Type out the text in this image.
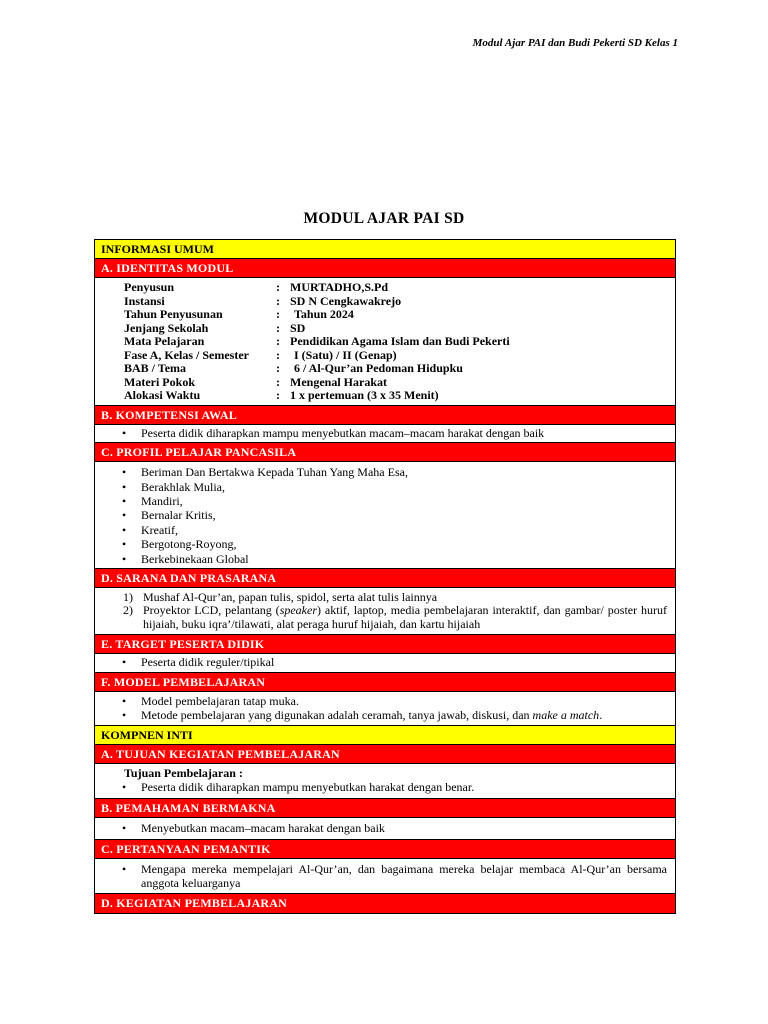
Modul Ajar PAI dan Budi Pekerti SD Kelas 1
MODUL AJAR PAI SD
INFORMASI UMUM
A. IDENTITAS MODUL
Penyusun	: MURTADHO,S.Pd
Instansi	: SD N Cengkawakrejo
Tahun Penyusunan	:	Tahun 2024
Jenjang Sekolah	: SD
Mata Pelajaran	: Pendidikan Agama Islam dan Budi Pekerti
Fase A, Kelas / Semester	:	I (Satu) / II (Genap)
BAB / Tema	:	6 / Al-Qur’an Pedoman Hidupku
Materi Pokok	: Mengenal Harakat
Alokasi Waktu	: 1 x pertemuan (3 x 35 Menit)
B. KOMPETENSI AWAL
• Peserta didik diharapkan mampu menyebutkan macam–macam harakat dengan baik
C. PROFIL PELAJAR PANCASILA
• Beriman Dan Bertakwa Kepada Tuhan Yang Maha Esa,
• Berakhlak Mulia,
• Mandiri,
• Bernalar Kritis,
• Kreatif,
• Bergotong-Royong,
• Berkebinekaan Global
D. SARANA DAN PRASARANA
1) Mushaf Al-Qur’an, papan tulis, spidol, serta alat tulis lainnya
2) Proyektor LCD, pelantang (speaker) aktif, laptop, media pembelajaran interaktif, dan gambar/ poster huruf hijaiah, buku iqra’/tilawati, alat peraga huruf hijaiah, dan kartu hijaiah
E. TARGET PESERTA DIDIK
• Peserta didik reguler/tipikal
F. MODEL PEMBELAJARAN
• Model pembelajaran tatap muka.
• Metode pembelajaran yang digunakan adalah ceramah, tanya jawab, diskusi, dan make a match.
KOMPNEN INTI
A. TUJUAN KEGIATAN PEMBELAJARAN
Tujuan Pembelajaran :
• Peserta didik diharapkan mampu menyebutkan harakat dengan benar.
B. PEMAHAMAN BERMAKNA
• Menyebutkan macam–macam harakat dengan baik
C. PERTANYAAN PEMANTIK
• Mengapa mereka mempelajari Al-Qur’an, dan bagaimana mereka belajar membaca Al-Qur’an bersama anggota keluarganya
D. KEGIATAN PEMBELAJARAN
